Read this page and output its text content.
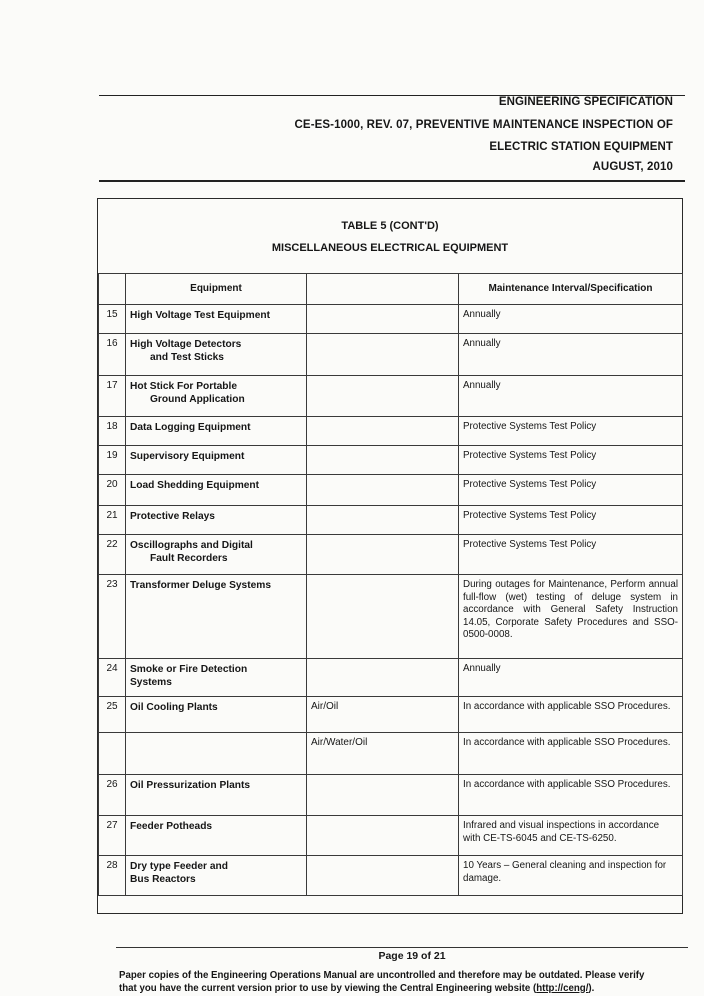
ENGINEERING SPECIFICATION
CE-ES-1000, REV. 07, PREVENTIVE MAINTENANCE INSPECTION OF
ELECTRIC STATION EQUIPMENT
AUGUST, 2010
TABLE 5 (CONT'D)
MISCELLANEOUS ELECTRICAL EQUIPMENT
	Equipment		Maintenance Interval/Specification
15	High Voltage Test Equipment		Annually
16	High Voltage Detectors
and Test Sticks		Annually
17	Hot Stick For Portable
Ground Application		Annually
18	Data Logging Equipment		Protective Systems Test Policy
19	Supervisory Equipment		Protective Systems Test Policy
20	Load Shedding Equipment		Protective Systems Test Policy
21	Protective Relays		Protective Systems Test Policy
22	Oscillographs and Digital
Fault Recorders		Protective Systems Test Policy
23	Transformer Deluge Systems		During outages for Maintenance, Perform annual full-flow (wet) testing of deluge system in accordance with General Safety Instruction 14.05, Corporate Safety Procedures and SSO-0500-0008.
24	Smoke or Fire Detection
Systems		Annually
25	Oil Cooling Plants	Air/Oil	In accordance with applicable SSO Procedures.
		Air/Water/Oil	In accordance with applicable SSO Procedures.
26	Oil Pressurization Plants		In accordance with applicable SSO Procedures.
27	Feeder Potheads		Infrared and visual inspections in accordance with CE-TS-6045 and CE-TS-6250.
28	Dry type Feeder and
Bus Reactors		10 Years – General cleaning and inspection for damage.
Page 19 of 21
Paper copies of the Engineering Operations Manual are uncontrolled and therefore may be outdated. Please verify
that you have the current version prior to use by viewing the Central Engineering website (http://ceng/).
